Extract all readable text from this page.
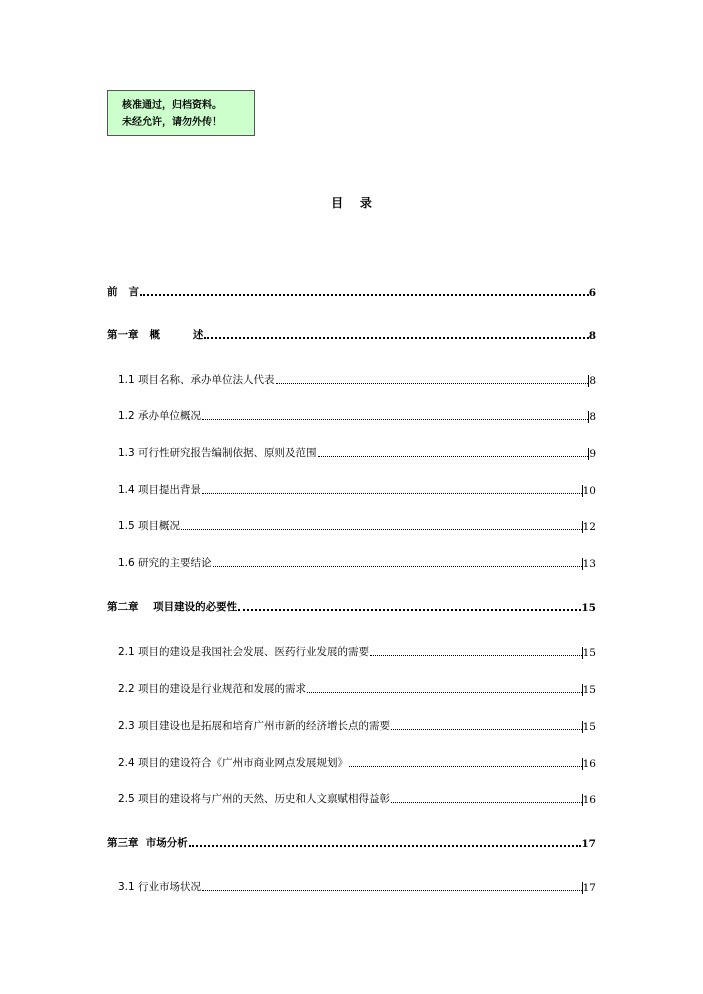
核准通过，归档资料。
未经允许，请勿外传！
目    录
前   言	6
第一章   概         述	8
1.1 项目名称、承办单位法人代表	8
1.2 承办单位概况	8
1.3 可行性研究报告编制依据、原则及范围	9
1.4 项目提出背景	10
1.5 项目概况	12
1.6 研究的主要结论	13
第二章    项目建设的必要性	15
2.1 项目的建设是我国社会发展、医药行业发展的需要	15
2.2 项目的建设是行业规范和发展的需求	15
2.3 项目建设也是拓展和培育广州市新的经济增长点的需要	15
2.4 项目的建设符合《广州市商业网点发展规划》	16
2.5 项目的建设将与广州的天然、历史和人文禀赋相得益彰	16
第三章  市场分析	17
3.1 行业市场状况	17
